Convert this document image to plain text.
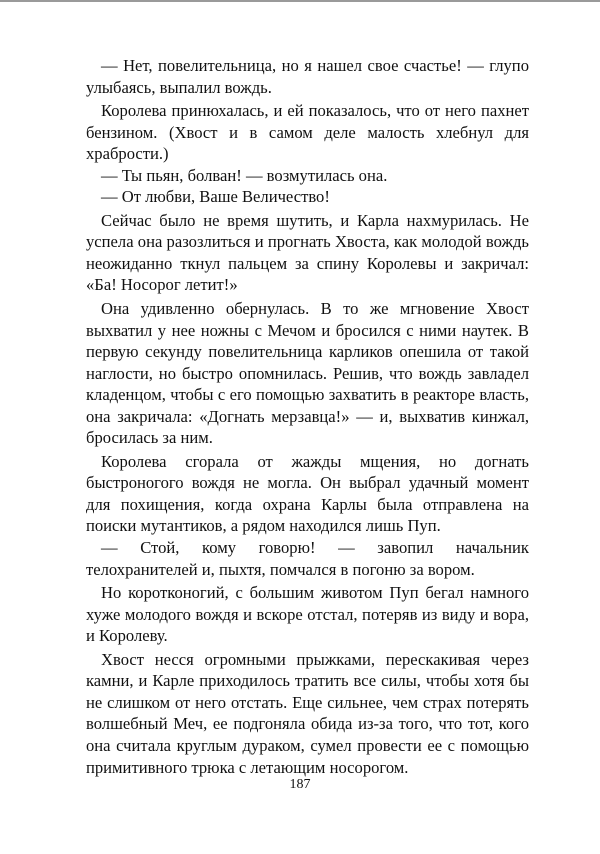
— Нет, повелительница, но я нашел свое счастье! — глупо улыбаясь, выпалил вождь.

Королева принюхалась, и ей показалось, что от него пахнет бензином. (Хвост и в самом деле малость хлебнул для храбрости.)

— Ты пьян, болван! — возмутилась она.

— От любви, Ваше Величество!

Сейчас было не время шутить, и Карла нахмурилась. Не успела она разозлиться и прогнать Хвоста, как молодой вождь неожиданно ткнул пальцем за спину Королевы и закричал: «Ба! Носорог летит!»

Она удивленно обернулась. В то же мгновение Хвост выхватил у нее ножны с Мечом и бросился с ними наутек. В первую секунду повелительница карликов опешила от такой наглости, но быстро опомнилась. Решив, что вождь завладел кладенцом, чтобы с его помощью захватить в реакторе власть, она закричала: «Догнать мерзавца!» — и, выхватив кинжал, бросилась за ним.

Королева сгорала от жажды мщения, но догнать быстроногого вождя не могла. Он выбрал удачный момент для похищения, когда охрана Карлы была отправлена на поиски мутантиков, а рядом находился лишь Пуп.

— Стой, кому говорю! — завопил начальник телохранителей и, пыхтя, помчался в погоню за вором.

Но коротконогий, с большим животом Пуп бегал намного хуже молодого вождя и вскоре отстал, потеряв из виду и вора, и Королеву.

Хвост несся огромными прыжками, перескакивая через камни, и Карле приходилось тратить все силы, чтобы хотя бы не слишком от него отстать. Еще сильнее, чем страх потерять волшебный Меч, ее подгоняла обида из-за того, что тот, кого она считала круглым дураком, сумел провести ее с помощью примитивного трюка с летающим носорогом.

187
